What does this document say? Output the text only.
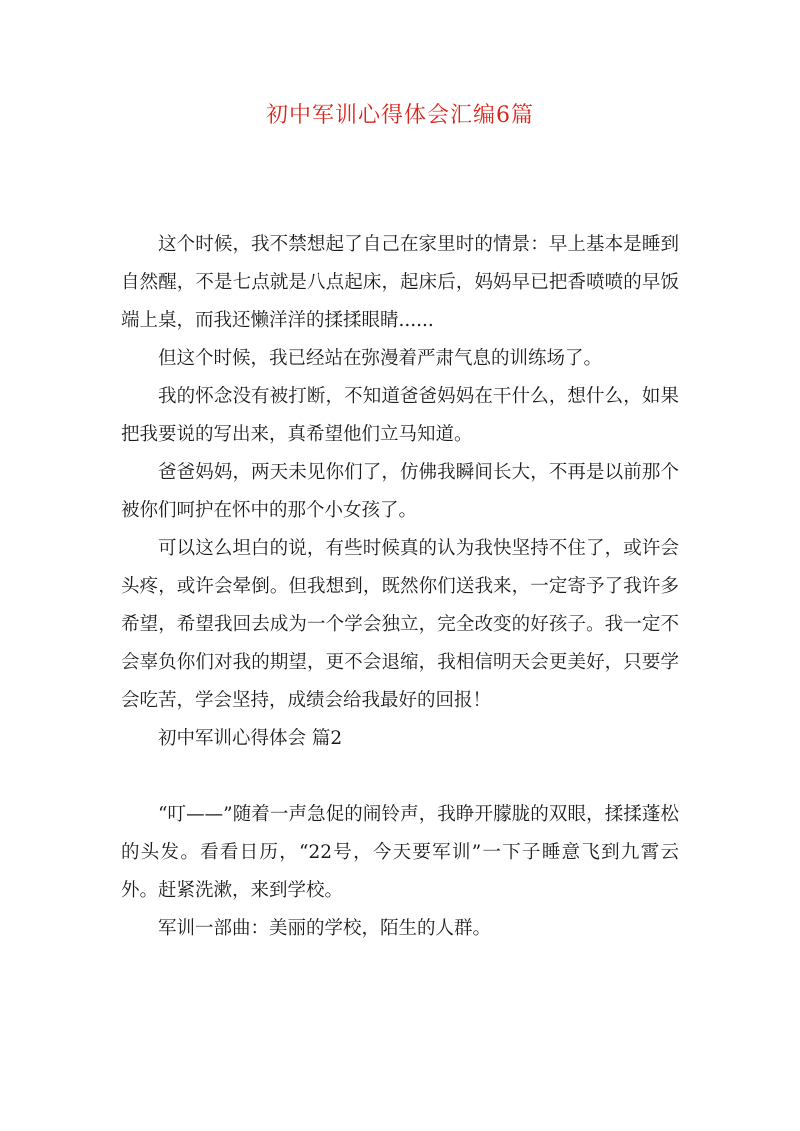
初中军训心得体会汇编6篇

这个时候，我不禁想起了自己在家里时的情景：早上基本是睡到自然醒，不是七点就是八点起床，起床后，妈妈早已把香喷喷的早饭端上桌，而我还懒洋洋的揉揉眼睛......

但这个时候，我已经站在弥漫着严肃气息的训练场了。

我的怀念没有被打断，不知道爸爸妈妈在干什么，想什么，如果把我要说的写出来，真希望他们立马知道。

爸爸妈妈，两天未见你们了，仿佛我瞬间长大，不再是以前那个被你们呵护在怀中的那个小女孩了。

可以这么坦白的说，有些时候真的认为我快坚持不住了，或许会头疼，或许会晕倒。但我想到，既然你们送我来，一定寄予了我许多希望，希望我回去成为一个学会独立，完全改变的好孩子。我一定不会辜负你们对我的期望，更不会退缩，我相信明天会更美好，只要学会吃苦，学会坚持，成绩会给我最好的回报！

初中军训心得体会 篇2

“叮——”随着一声急促的闹铃声，我睁开朦胧的双眼，揉揉蓬松的头发。看看日历，“22号，今天要军训”一下子睡意飞到九霄云外。赶紧洗漱，来到学校。

军训一部曲：美丽的学校，陌生的人群。
